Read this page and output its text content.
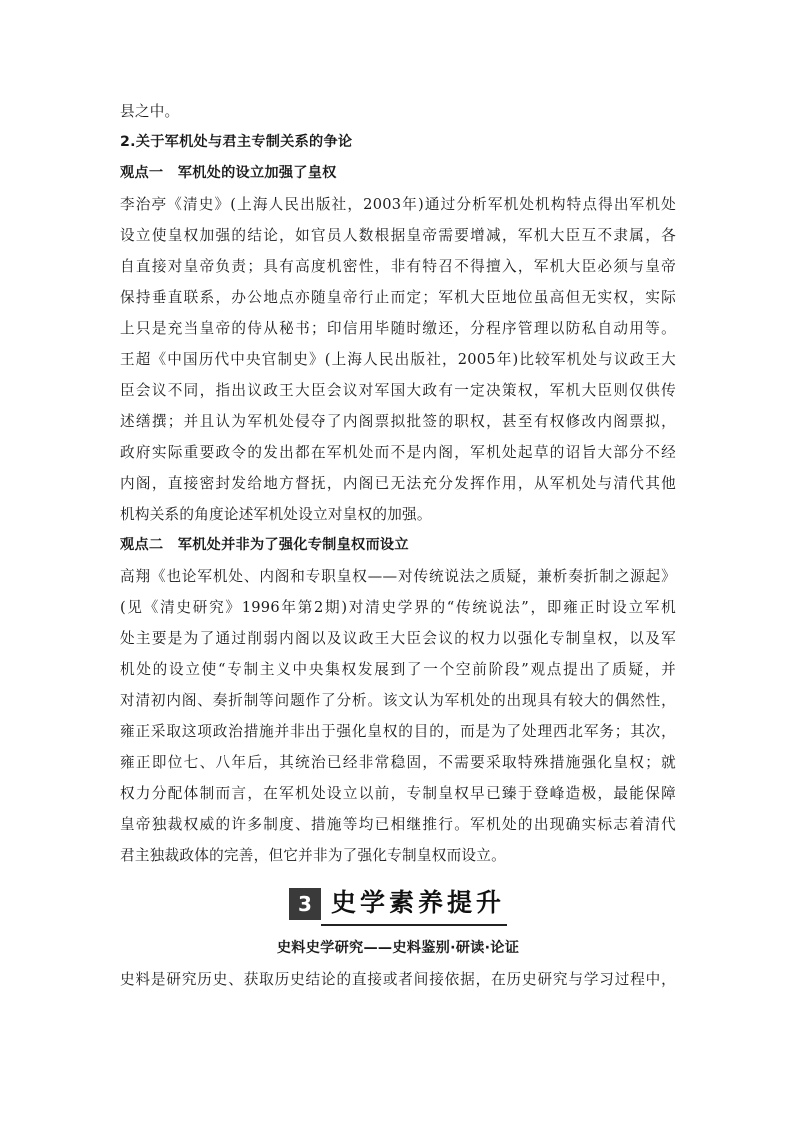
县之中。
2.关于军机处与君主专制关系的争论
观点一　军机处的设立加强了皇权
李治亭《清史》(上海人民出版社，2003年)通过分析军机处机构特点得出军机处
设立使皇权加强的结论，如官员人数根据皇帝需要增减，军机大臣互不隶属，各
自直接对皇帝负责；具有高度机密性，非有特召不得擅入，军机大臣必须与皇帝
保持垂直联系，办公地点亦随皇帝行止而定；军机大臣地位虽高但无实权，实际
上只是充当皇帝的侍从秘书；印信用毕随时缴还，分程序管理以防私自动用等。
王超《中国历代中央官制史》(上海人民出版社，2005年)比较军机处与议政王大
臣会议不同，指出议政王大臣会议对军国大政有一定决策权，军机大臣则仅供传
述缮撰；并且认为军机处侵夺了内阁票拟批签的职权，甚至有权修改内阁票拟，
政府实际重要政令的发出都在军机处而不是内阁，军机处起草的诏旨大部分不经
内阁，直接密封发给地方督抚，内阁已无法充分发挥作用，从军机处与清代其他
机构关系的角度论述军机处设立对皇权的加强。
观点二　军机处并非为了强化专制皇权而设立
高翔《也论军机处、内阁和专职皇权——对传统说法之质疑，兼析奏折制之源起》
(见《清史研究》1996年第2期)对清史学界的“传统说法”，即雍正时设立军机
处主要是为了通过削弱内阁以及议政王大臣会议的权力以强化专制皇权，以及军
机处的设立使“专制主义中央集权发展到了一个空前阶段”观点提出了质疑，并
对清初内阁、奏折制等问题作了分析。该文认为军机处的出现具有较大的偶然性，
雍正采取这项政治措施并非出于强化皇权的目的，而是为了处理西北军务；其次，
雍正即位七、八年后，其统治已经非常稳固，不需要采取特殊措施强化皇权；就
权力分配体制而言，在军机处设立以前，专制皇权早已臻于登峰造极，最能保障
皇帝独裁权威的许多制度、措施等均已相继推行。军机处的出现确实标志着清代
君主独裁政体的完善，但它并非为了强化专制皇权而设立。
3 史学素养提升
史料史学研究——史料鉴别·研读·论证
史料是研究历史、获取历史结论的直接或者间接依据，在历史研究与学习过程中，
